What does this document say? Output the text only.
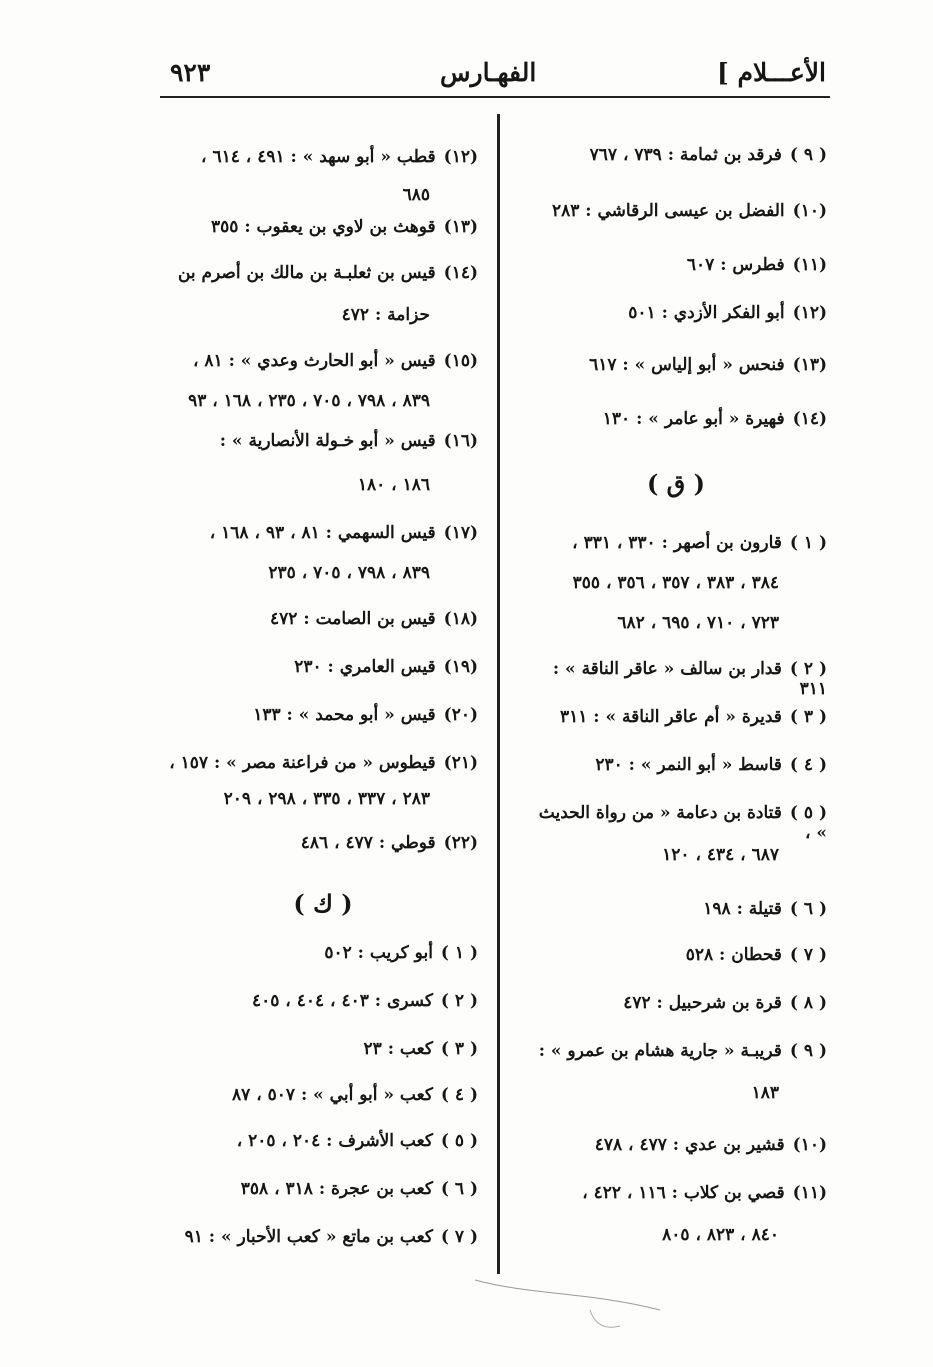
الأعـــلام ]
الفهـارس
٩٢٣
( ٩ )فرقد بن ثمامة : ٧٣٩ ، ٧٦٧
(١٠)الفضل بن عيسى الرقاشي : ٢٨٣
(١١)فطرس : ٦٠٧
(١٢)أبو الفكر الأزدي : ٥٠١
(١٣)فنحس « أبو إلياس » : ٦١٧
(١٤)فهيرة « أبو عامر » : ١٣٠
( ق )
( ١ )قارون بن أصهر : ٣٣٠ ، ٣٣١ ،
٣٨٤ ، ٣٨٣ ، ٣٥٧ ، ٣٥٦ ، ٣٥٥
٧٢٣ ، ٧١٠ ، ٦٩٥ ، ٦٨٢
( ٢ )قدار بن سالف « عاقر الناقة » : ٣١١
( ٣ )قديرة « أم عاقر الناقة » : ٣١١
( ٤ )قاسط « أبو النمر » : ٢٣٠
( ٥ )قتادة بن دعامة « من رواة الحديث » ،
٦٨٧ ، ٤٣٤ ، ١٢٠
( ٦ )قتيلة : ١٩٨
( ٧ )قحطان : ٥٢٨
( ٨ )قرة بن شرحبيل : ٤٧٢
( ٩ )قريبـة « جارية هشام بن عمرو » :
١٨٣
(١٠)قشير بن عدي : ٤٧٧ ، ٤٧٨
(١١)قصي بن كلاب : ١١٦ ، ٤٢٢ ،
٨٤٠ ، ٨٢٣ ، ٨٠٥
(١٢)قطب « أبو سهد » : ٤٩١ ، ٦١٤ ،
٦٨٥
(١٣)قوهث بن لاوي بن يعقوب : ٣٥٥
(١٤)قيس بن ثعلبـة بن مالك بن أصرم بن
حزامة : ٤٧٢
(١٥)قيس « أبو الحارث وعدي » : ٨١ ،
٨٣٩ ، ٧٩٨ ، ٧٠٥ ، ٢٣٥ ، ١٦٨ ، ٩٣
(١٦)قيس « أبو خـولة الأنصارية » :
١٨٦ ، ١٨٠
(١٧)قيس السهمي : ٨١ ، ٩٣ ، ١٦٨ ،
٨٣٩ ، ٧٩٨ ، ٧٠٥ ، ٢٣٥
(١٨)قيس بن الصامت : ٤٧٢
(١٩)قيس العامري : ٢٣٠
(٢٠)قيس « أبو محمد » : ١٣٣
(٢١)قيطوس « من فراعنة مصر » : ١٥٧ ،
٢٨٣ ، ٣٣٧ ، ٣٣٥ ، ٢٩٨ ، ٢٠٩
(٢٢)قوطي : ٤٧٧ ، ٤٨٦
( ك )
( ١ )أبو كريب : ٥٠٢
( ٢ )كسرى : ٤٠٣ ، ٤٠٤ ، ٤٠٥
( ٣ )كعب : ٢٣
( ٤ )كعب « أبو أبي » : ٥٠٧ ، ٨٧
( ٥ )كعب الأشرف : ٢٠٤ ، ٢٠٥ ،
( ٦ )كعب بن عجرة : ٣١٨ ، ٣٥٨
( ٧ )كعب بن ماتع « كعب الأحبار » : ٩١
